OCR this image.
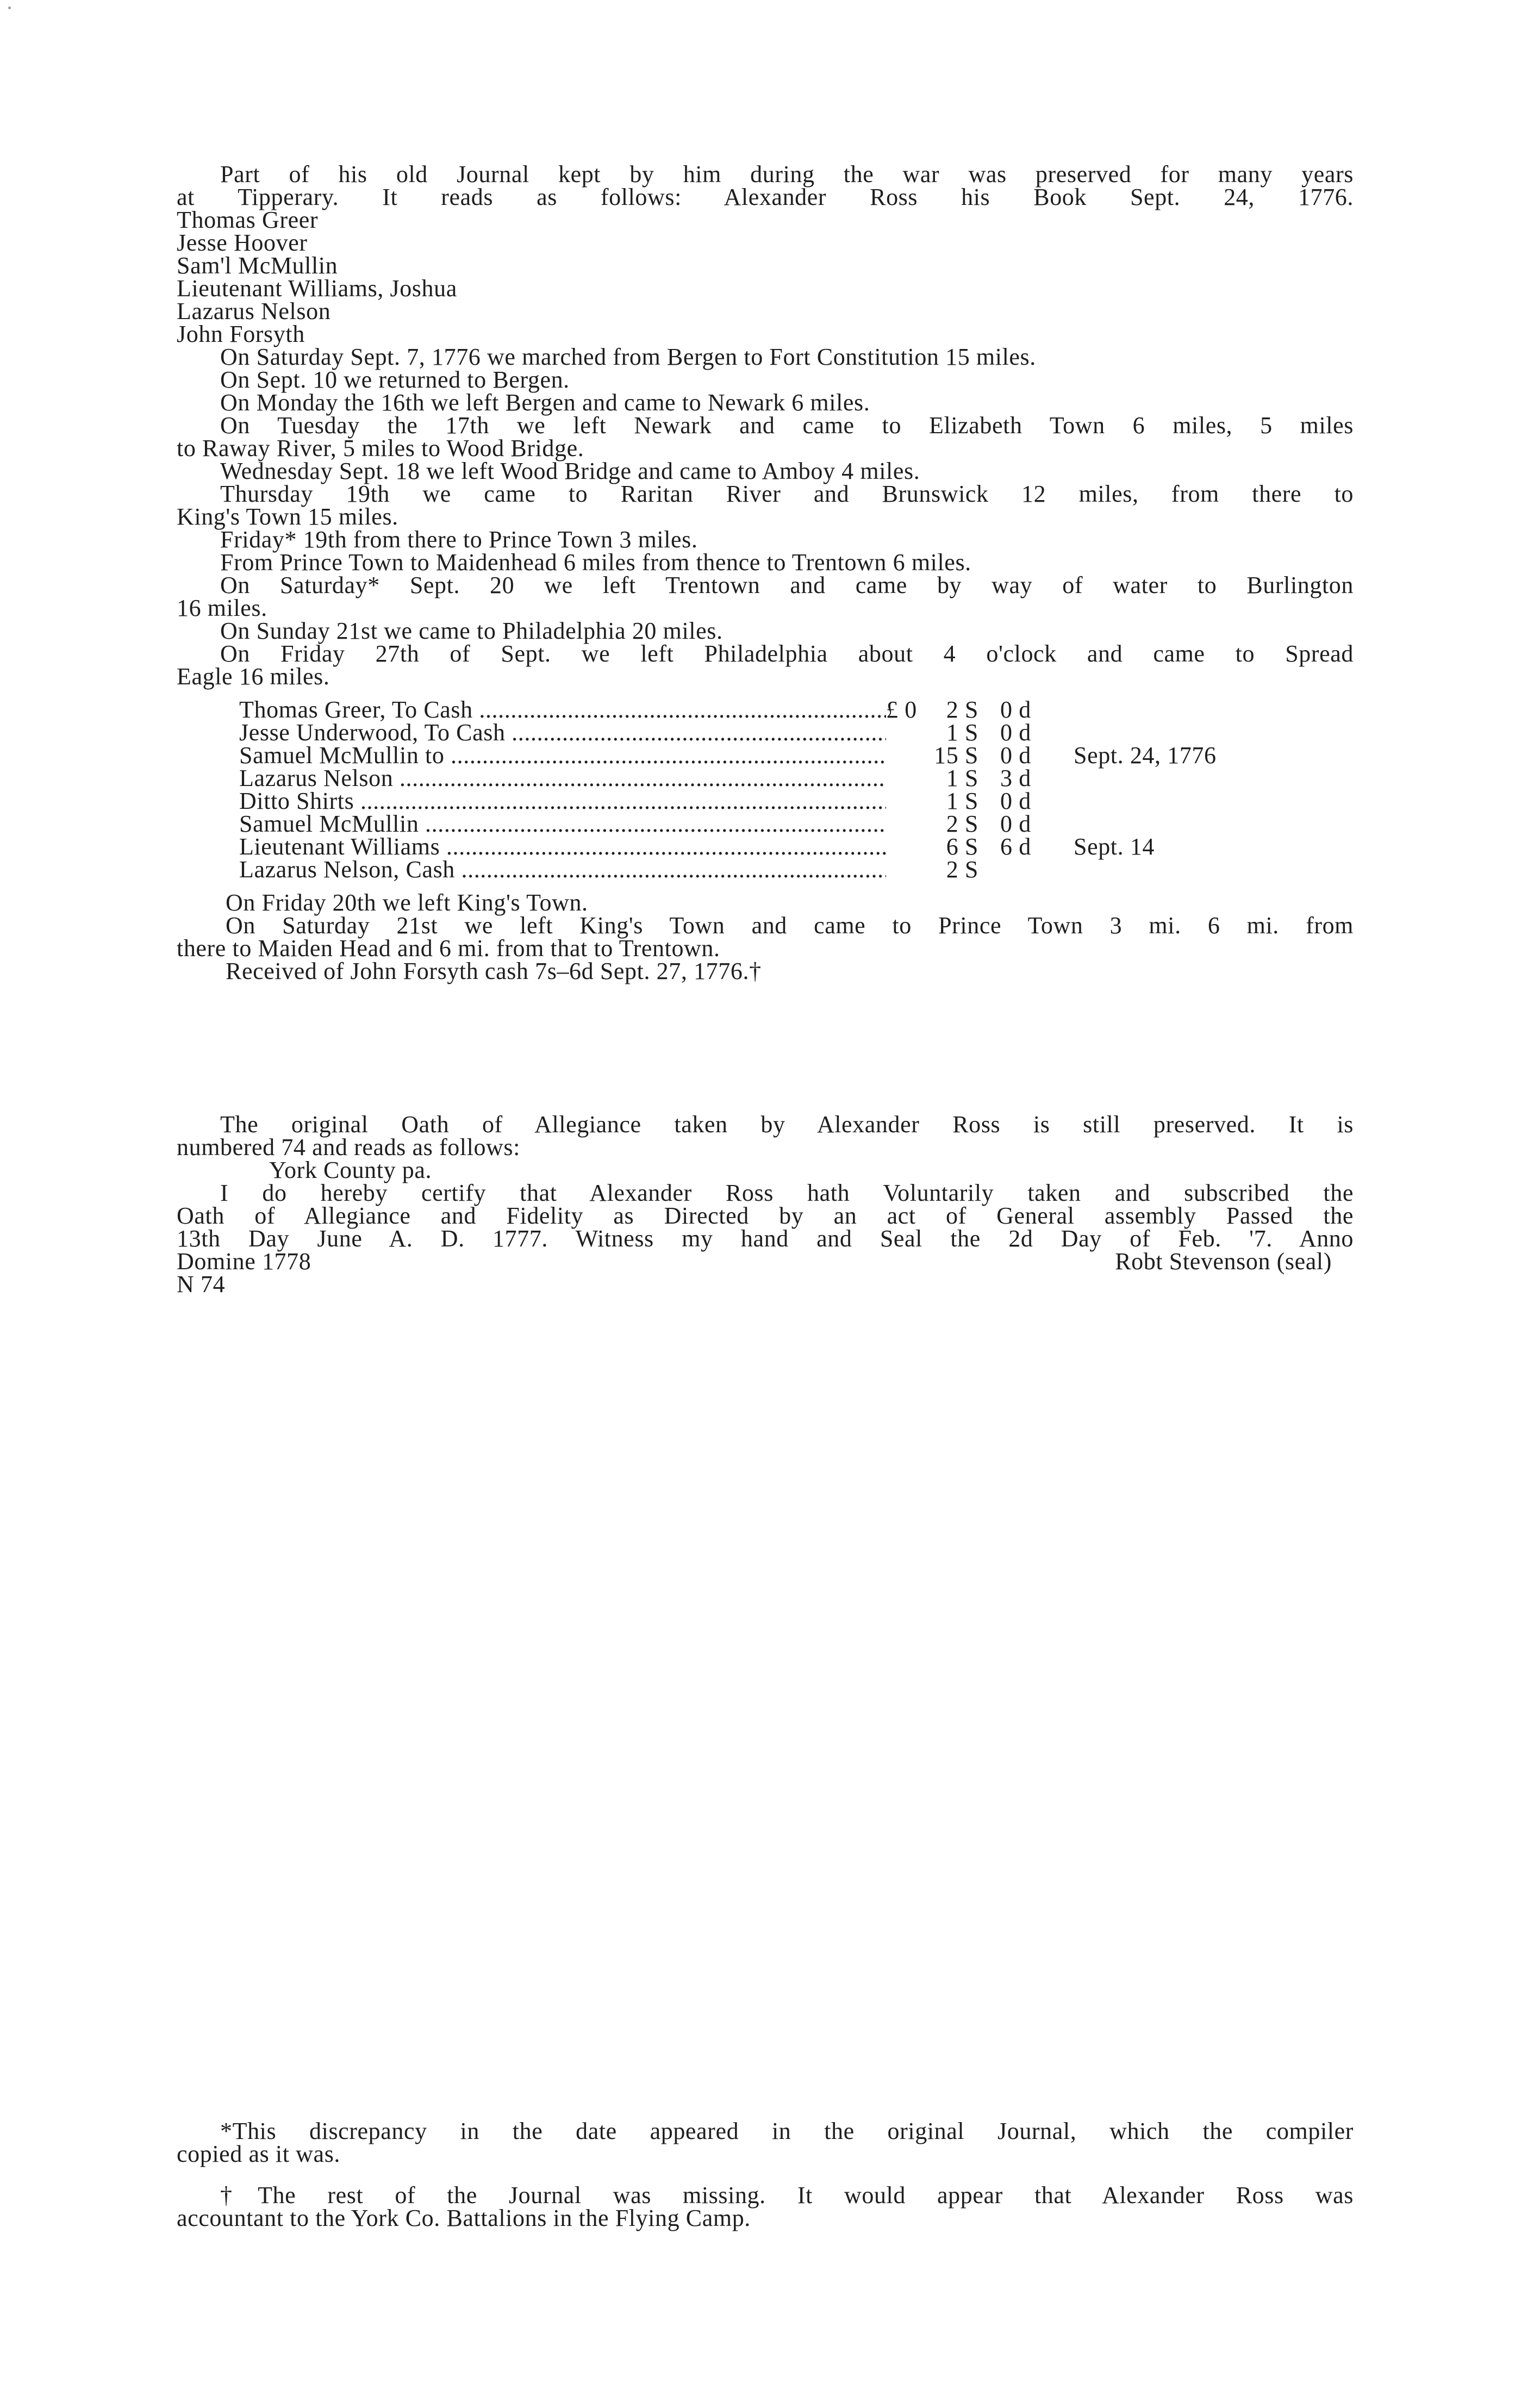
Part of his old Journal kept by him during the war was preserved for many years
at Tipperary. It reads as follows: Alexander Ross his Book Sept. 24, 1776.
Thomas Greer
Jesse Hoover
Sam'l McMullin
Lieutenant Williams, Joshua
Lazarus Nelson
John Forsyth
On Saturday Sept. 7, 1776 we marched from Bergen to Fort Constitution 15 miles.
On Sept. 10 we returned to Bergen.
On Monday the 16th we left Bergen and came to Newark 6 miles.
On Tuesday the 17th we left Newark and came to Elizabeth Town 6 miles, 5 miles
to Raway River, 5 miles to Wood Bridge.
Wednesday Sept. 18 we left Wood Bridge and came to Amboy 4 miles.
Thursday 19th we came to Raritan River and Brunswick 12 miles, from there to
King's Town 15 miles.
Friday* 19th from there to Prince Town 3 miles.
From Prince Town to Maidenhead 6 miles from thence to Trentown 6 miles.
On Saturday* Sept. 20 we left Trentown and came by way of water to Burlington
16 miles.
On Sunday 21st we came to Philadelphia 20 miles.
On Friday 27th of Sept. we left Philadelphia about 4 o'clock and came to Spread
Eagle 16 miles.
Thomas Greer, To Cash .....	£ 0	2 S 0 d
Jesse Underwood, To Cash .....	1 S 0 d
Samuel McMullin to .....	15 S 0 d	Sept. 24, 1776
Lazarus Nelson .....	1 S 3 d
Ditto Shirts .....	1 S 0 d
Samuel McMullin .....	2 S 0 d
Lieutenant Williams .....	6 S 6 d	Sept. 14
Lazarus Nelson, Cash .....	2 S
On Friday 20th we left King's Town.
On Saturday 21st we left King's Town and came to Prince Town 3 mi. 6 mi. from
there to Maiden Head and 6 mi. from that to Trentown.
Received of John Forsyth cash 7s–6d Sept. 27, 1776.†
The original Oath of Allegiance taken by Alexander Ross is still preserved. It is
numbered 74 and reads as follows:
York County pa.
I do hereby certify that Alexander Ross hath Voluntarily taken and subscribed the
Oath of Allegiance and Fidelity as Directed by an act of General assembly Passed the
13th Day June A. D. 1777. Witness my hand and Seal the 2d Day of Feb. '7. Anno
Domine 1778	Robt Stevenson (seal)
N 74
*This discrepancy in the date appeared in the original Journal, which the compiler
copied as it was.
†The rest of the Journal was missing. It would appear that Alexander Ross was
accountant to the York Co. Battalions in the Flying Camp.
